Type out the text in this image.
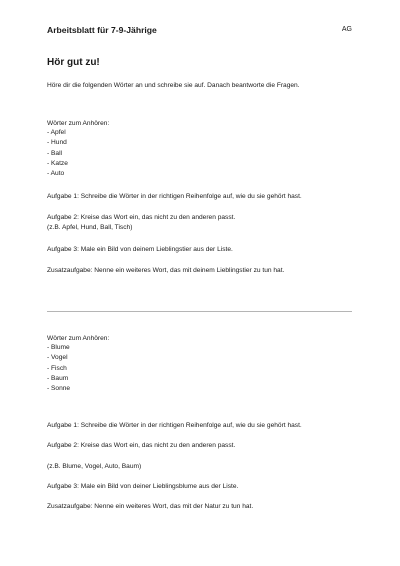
Arbeitsblatt für 7-9-Jährige	AG
Hör gut zu!
Höre dir die folgenden Wörter an und schreibe sie auf. Danach beantworte die Fragen.
Wörter zum Anhören:
- Apfel
- Hund
- Ball
- Katze
- Auto
Aufgabe 1: Schreibe die Wörter in der richtigen Reihenfolge auf, wie du sie gehört hast.
Aufgabe 2: Kreise das Wort ein, das nicht zu den anderen passt.
(z.B. Apfel, Hund, Ball, Tisch)
Aufgabe 3: Male ein Bild von deinem Lieblingstier aus der Liste.
Zusatzaufgabe: Nenne ein weiteres Wort, das mit deinem Lieblingstier zu tun hat.
Wörter zum Anhören:
- Blume
- Vogel
- Fisch
- Baum
- Sonne
Aufgabe 1: Schreibe die Wörter in der richtigen Reihenfolge auf, wie du sie gehört hast.
Aufgabe 2: Kreise das Wort ein, das nicht zu den anderen passt.
(z.B. Blume, Vogel, Auto, Baum)
Aufgabe 3: Male ein Bild von deiner Lieblingsblume aus der Liste.
Zusatzaufgabe: Nenne ein weiteres Wort, das mit der Natur zu tun hat.
